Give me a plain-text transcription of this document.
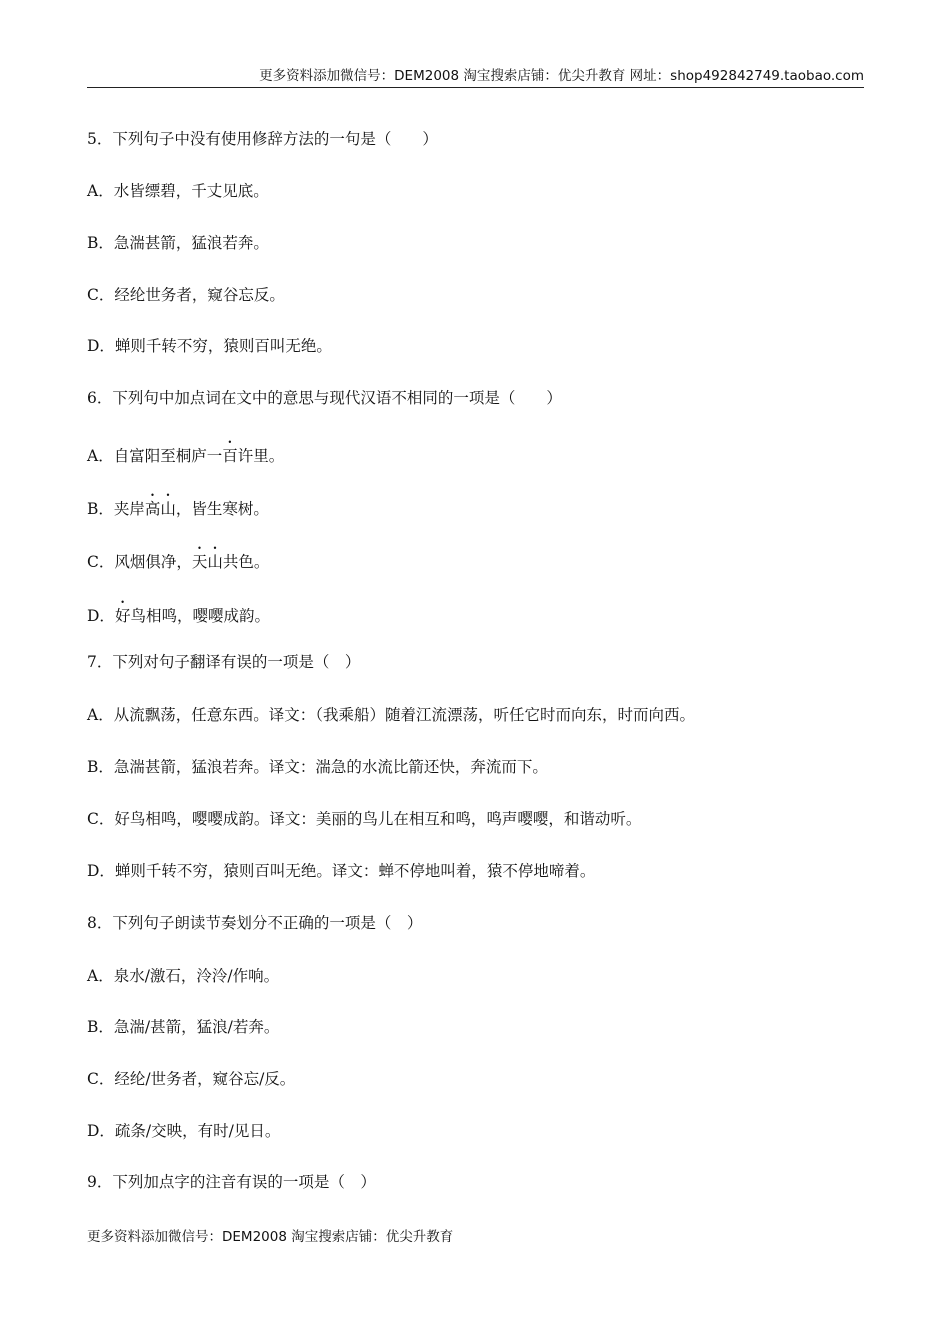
更多资料添加微信号：DEM2008 淘宝搜索店铺：优尖升教育 网址：shop492842749.taobao.com
5．下列句子中没有使用修辞方法的一句是（　　）
A．水皆缥碧，千丈见底。
B．急湍甚箭，猛浪若奔。
C．经纶世务者，窥谷忘反。
D．蝉则千转不穷，猿则百叫无绝。
6．下列句中加点词在文中的意思与现代汉语不相同的一项是（　　）
A．自富阳至桐庐一百许里。
B．夹岸高山，皆生寒树。
C．风烟俱净，天山共色。
D．好鸟相鸣，嘤嘤成韵。
7．下列对句子翻译有误的一项是（　）
A．从流飘荡，任意东西。译文：（我乘船）随着江流漂荡，听任它时而向东，时而向西。
B．急湍甚箭，猛浪若奔。译文：湍急的水流比箭还快，奔流而下。
C．好鸟相鸣，嘤嘤成韵。译文：美丽的鸟儿在相互和鸣，鸣声嘤嘤，和谐动听。
D．蝉则千转不穷，猿则百叫无绝。译文：蝉不停地叫着，猿不停地啼着。
8．下列句子朗读节奏划分不正确的一项是（　）
A．泉水/激石，泠泠/作响。
B．急湍/甚箭，猛浪/若奔。
C．经纶/世务者，窥谷忘/反。
D．疏条/交映，有时/见日。
9．下列加点字的注音有误的一项是（　）
更多资料添加微信号：DEM2008 淘宝搜索店铺：优尖升教育
